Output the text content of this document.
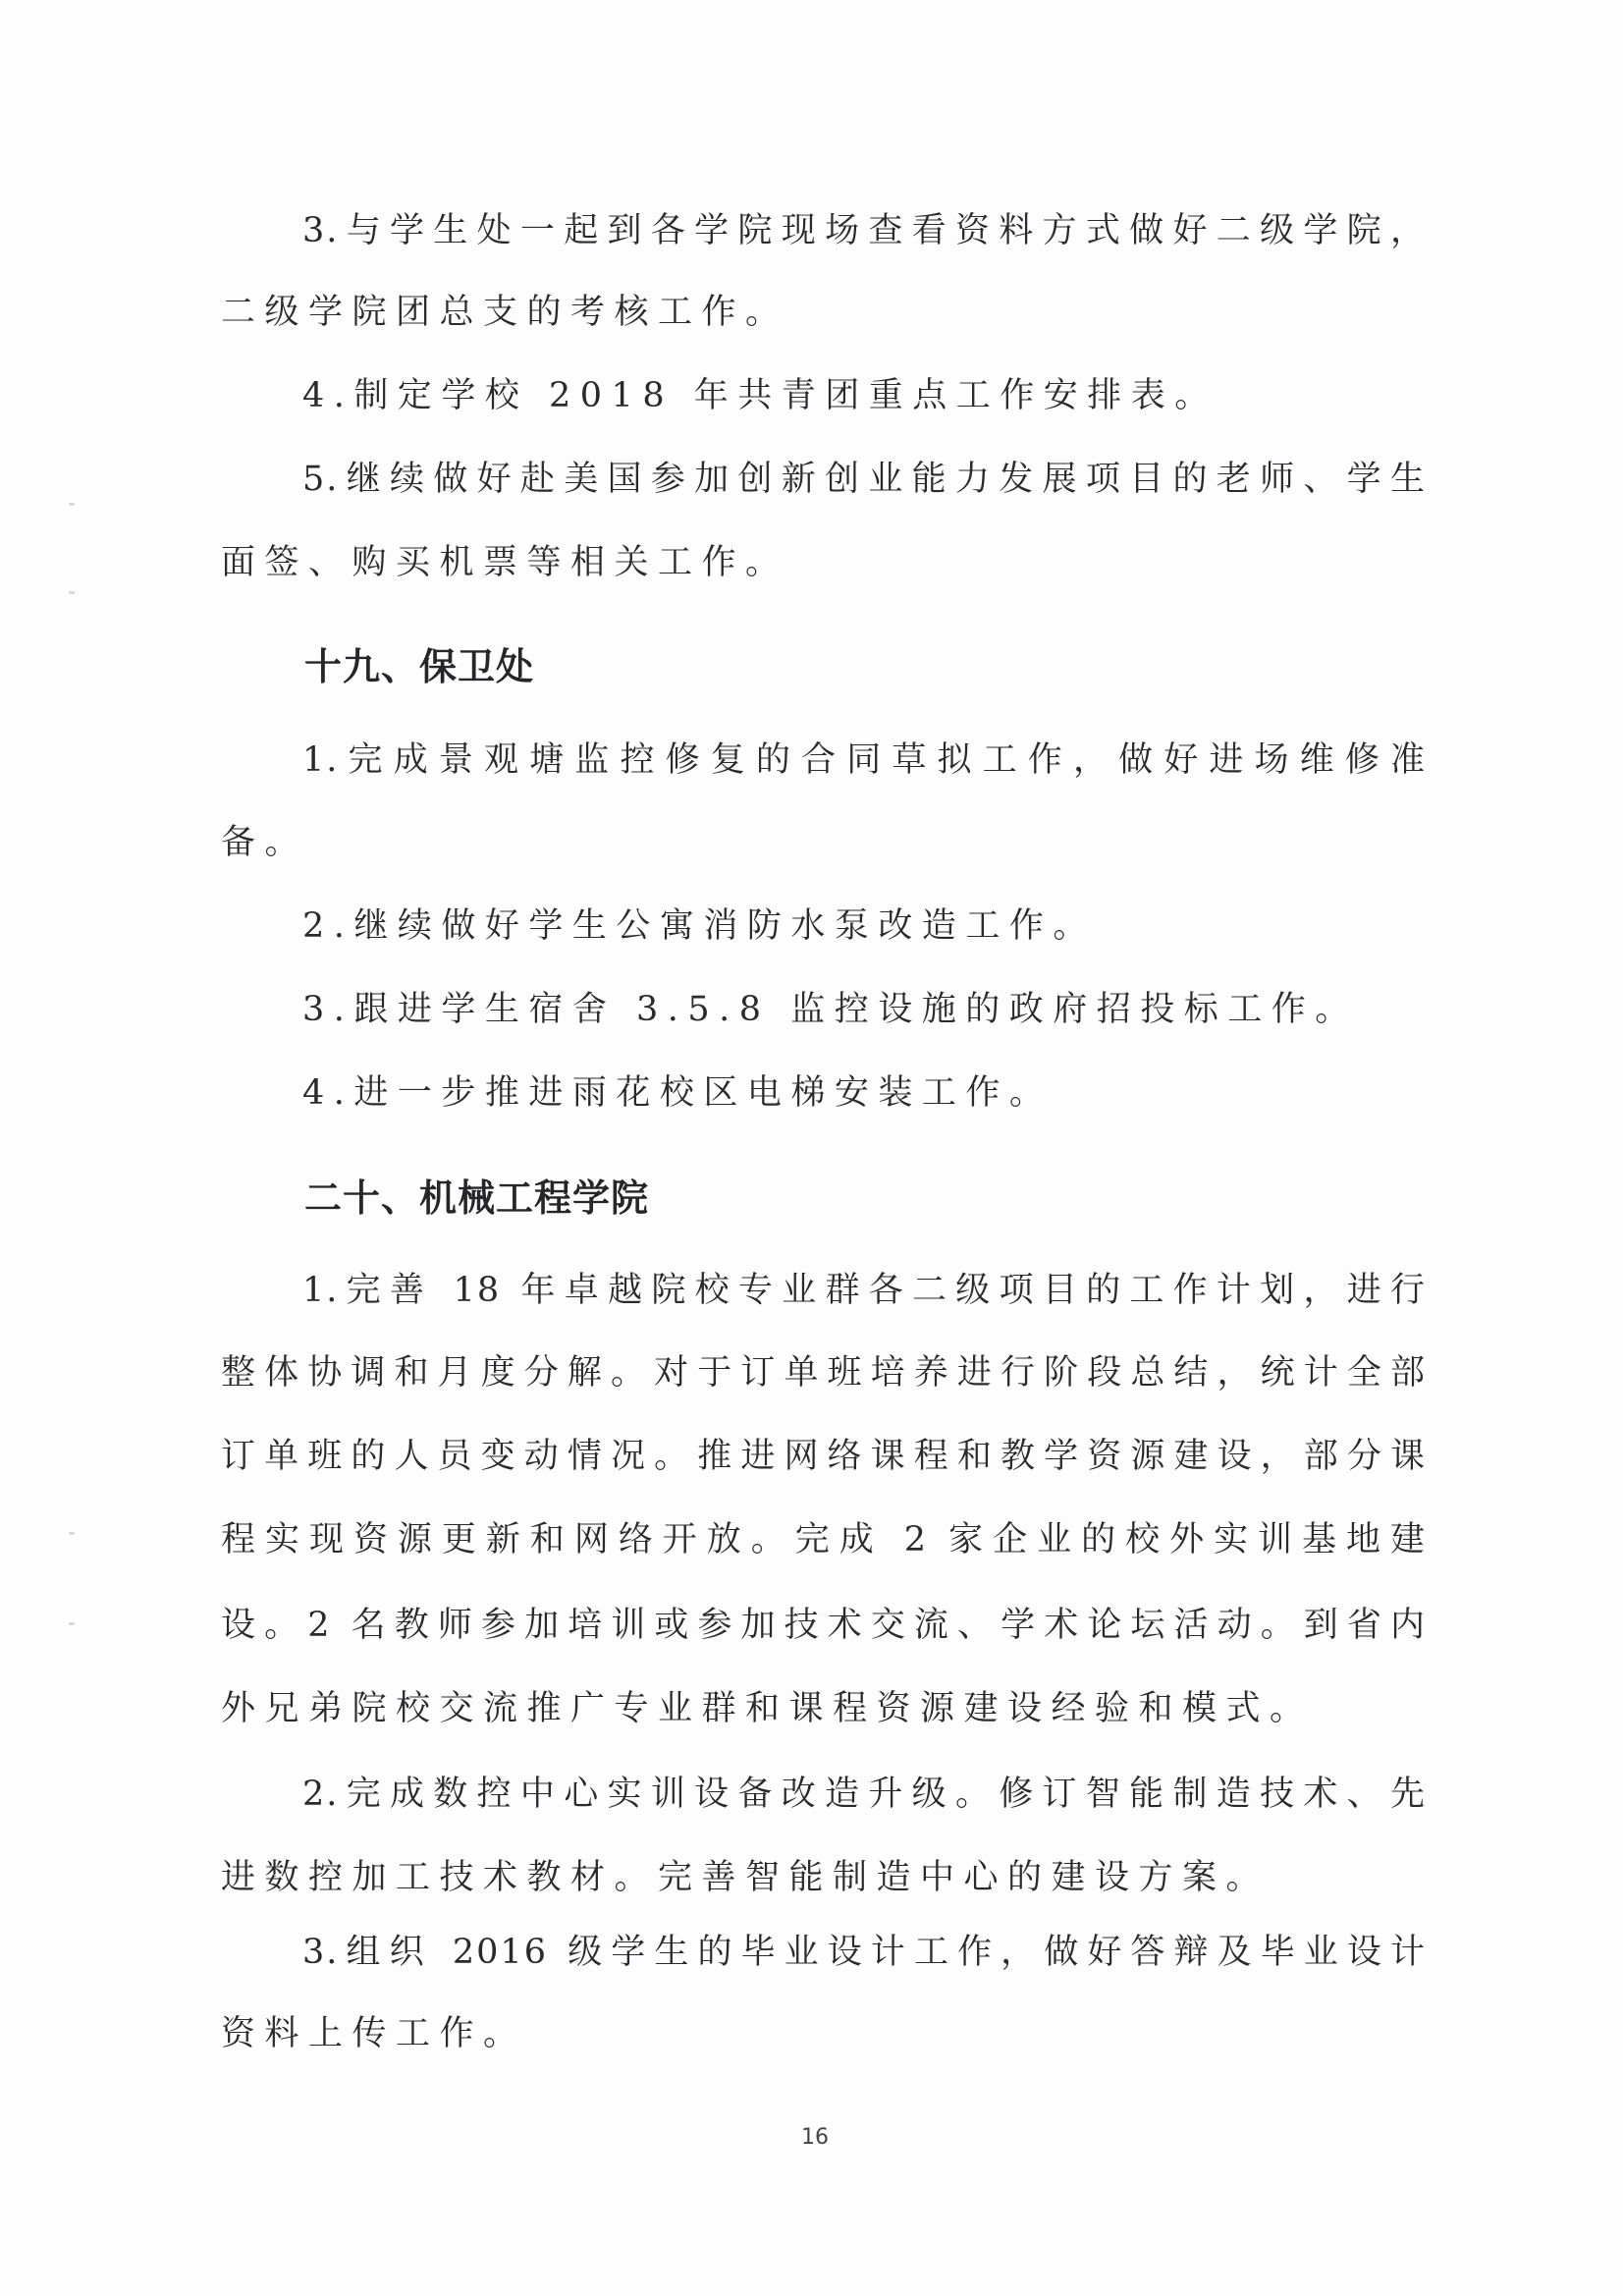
3.与学生处一起到各学院现场查看资料方式做好二级学院，
二级学院团总支的考核工作。
4.制定学校 2018 年共青团重点工作安排表。
5.继续做好赴美国参加创新创业能力发展项目的老师、学生
面签、购买机票等相关工作。
十九、保卫处
1.完成景观塘监控修复的合同草拟工作，做好进场维修准
备。
2.继续做好学生公寓消防水泵改造工作。
3.跟进学生宿舍 3.5.8 监控设施的政府招投标工作。
4.进一步推进雨花校区电梯安装工作。
二十、机械工程学院
1.完善 18 年卓越院校专业群各二级项目的工作计划，进行
整体协调和月度分解。对于订单班培养进行阶段总结，统计全部
订单班的人员变动情况。推进网络课程和教学资源建设，部分课
程实现资源更新和网络开放。完成 2 家企业的校外实训基地建
设。2 名教师参加培训或参加技术交流、学术论坛活动。到省内
外兄弟院校交流推广专业群和课程资源建设经验和模式。
2.完成数控中心实训设备改造升级。修订智能制造技术、先
进数控加工技术教材。完善智能制造中心的建设方案。
3.组织 2016 级学生的毕业设计工作，做好答辩及毕业设计
资料上传工作。
16
